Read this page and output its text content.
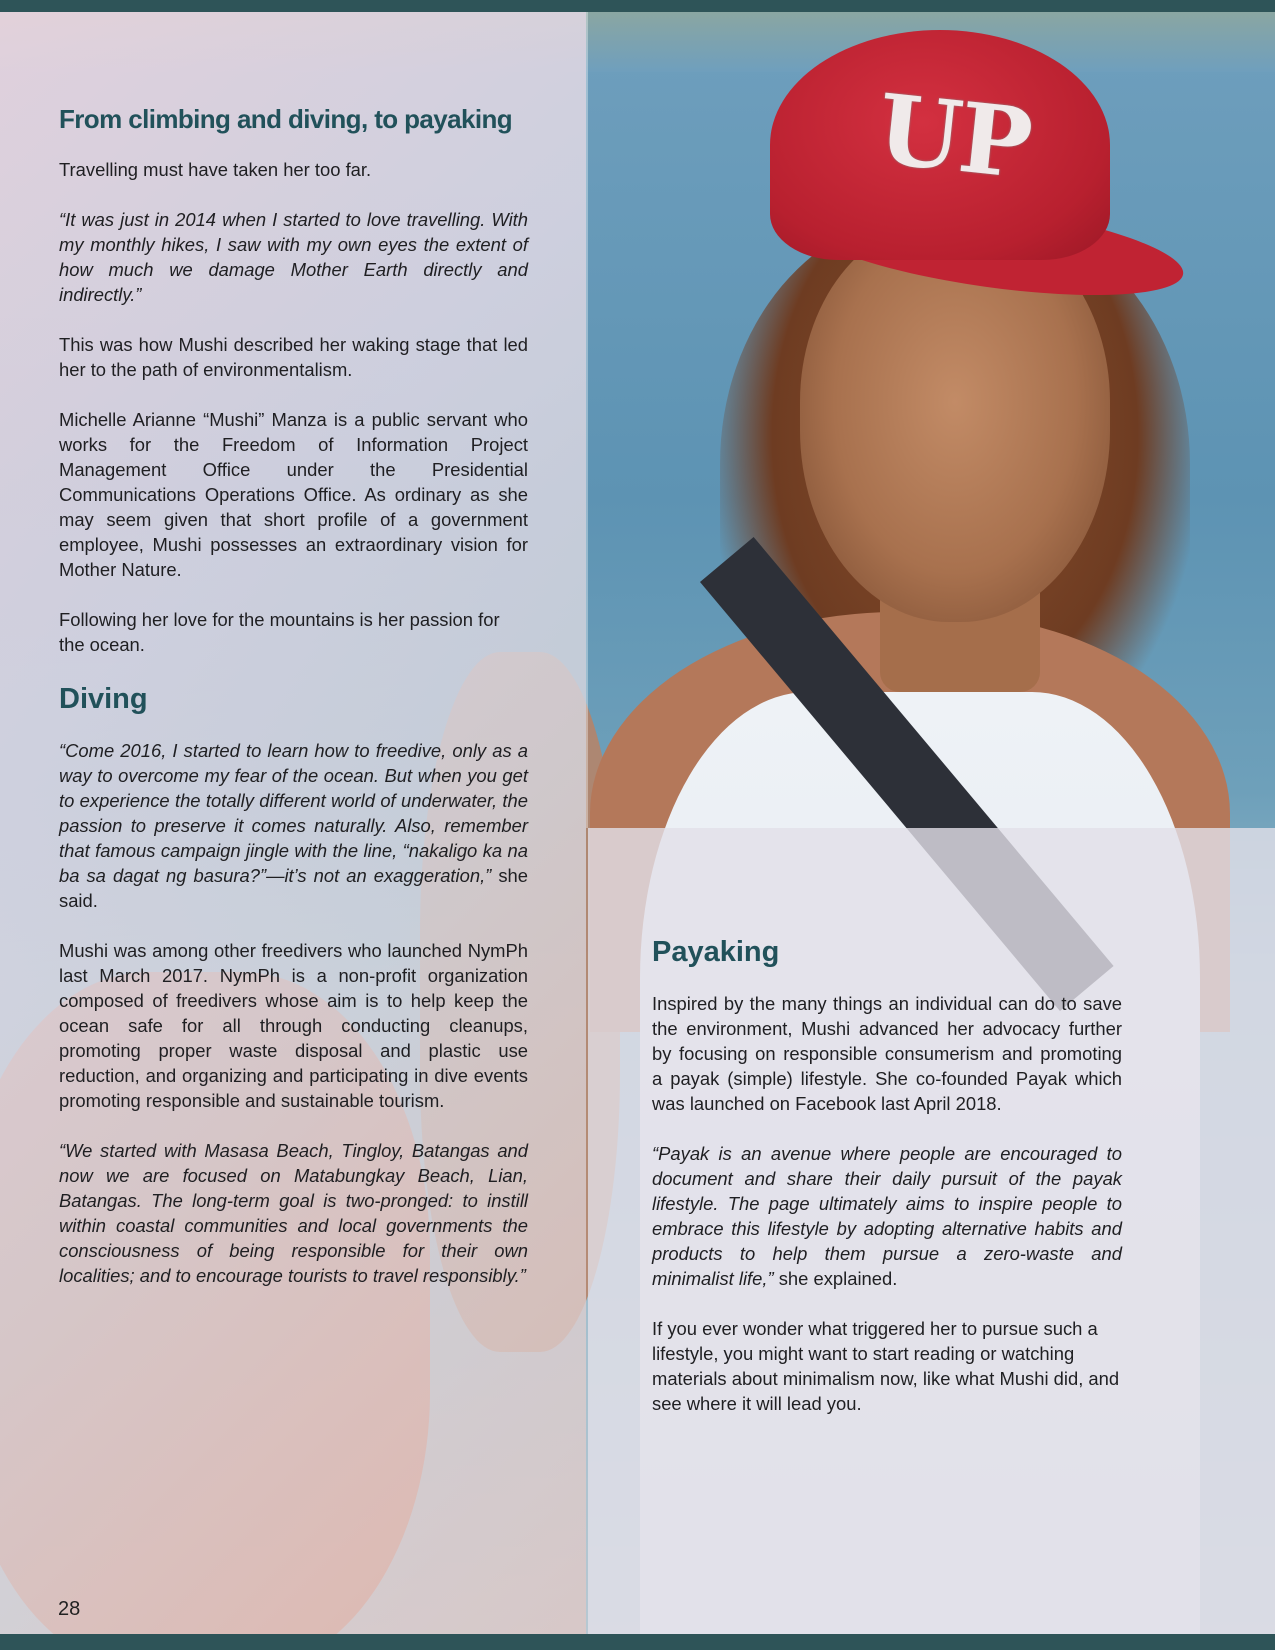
UP
From climbing and diving, to payaking

Travelling must have taken her too far.

“It was just in 2014 when I started to love travelling. With my monthly hikes, I saw with my own eyes the extent of how much we damage Mother Earth directly and indirectly.”

This was how Mushi described her waking stage that led her to the path of environmentalism.

Michelle Arianne “Mushi” Manza is a public servant who works for the Freedom of Information Project Management Office under the Presidential Communications Operations Office. As ordinary as she may seem given that short profile of a government employee, Mushi possesses an extraordinary vision for Mother Nature.

Following her love for the mountains is her passion for the ocean.

Diving

“Come 2016, I started to learn how to freedive, only as a way to overcome my fear of the ocean. But when you get to experience the totally different world of underwater, the passion to preserve it comes naturally. Also, remember that famous campaign jingle with the line, “nakaligo ka na ba sa dagat ng basura?”—it’s not an exaggeration,” she said.

Mushi was among other freedivers who launched NymPh last March 2017. NymPh is a non-profit organization composed of freedivers whose aim is to help keep the ocean safe for all through conducting cleanups, promoting proper waste disposal and plastic use reduction, and organizing and participating in dive events promoting responsible and sustainable tourism.

“We started with Masasa Beach, Tingloy, Batangas and now we are focused on Matabungkay Beach, Lian, Batangas. The long-term goal is two-pronged: to instill within coastal communities and local governments the consciousness of being responsible for their own localities; and to encourage tourists to travel responsibly.”

Payaking

Inspired by the many things an individual can do to save the environment, Mushi advanced her advocacy further by focusing on responsible consumerism and promoting a payak (simple) lifestyle. She co-founded Payak which was launched on Facebook last April 2018.

“Payak is an avenue where people are encouraged to document and share their daily pursuit of the payak lifestyle. The page ultimately aims to inspire people to embrace this lifestyle by adopting alternative habits and products to help them pursue a zero-waste and minimalist life,” she explained.

If you ever wonder what triggered her to pursue such a lifestyle, you might want to start reading or watching materials about minimalism now, like what Mushi did, and see where it will lead you.

28
